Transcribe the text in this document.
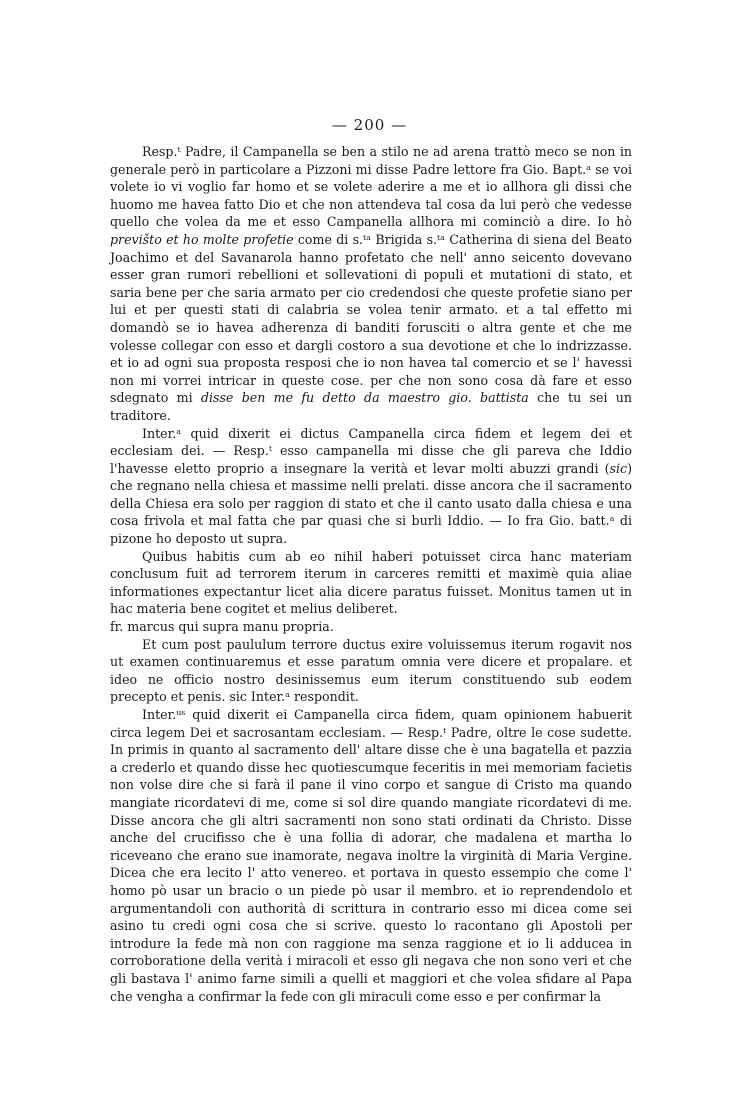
— 200 —

Resp.ᵗ Padre, il Campanella se ben a stilo ne ad arena trattò meco se non in generale però in particolare a Pizzoni mi disse Padre lettore fra Gio. Bapt.ᵃ se voi volete io vi voglio far homo et se volete aderire a me et io allhora gli dissi che huomo me havea fatto Dio et che non attendeva tal cosa da lui però che vedesse quello che volea da me et esso Campanella allhora mi cominciò a dire. Io hò previšto et ho molte profetie come di s.ᵗᵃ Brigida s.ᵗᵃ Catherina di siena del Beato Joachimo et del Savanarola hanno profetato che nell' anno seicento dovevano esser gran rumori rebellioni et sollevationi di populi et mutationi di stato, et saria bene per che saria armato per cio credendosi che queste profetie siano per lui et per questi stati di calabria se volea tenir armato. et a tal effetto mi domandò se io havea adherenza di banditi forusciti o altra gente et che me volesse collegar con esso et dargli costoro a sua devotione et che lo indrizzasse. et io ad ogni sua proposta resposi che io non havea tal comercio et se l' havessi non mi vorrei intricar in queste cose. per che non sono cosa dà fare et esso sdegnato mi disse ben me fu detto da maestro gio. battista che tu sei un traditore.

Inter.ᵃ quid dixerit ei dictus Campanella circa fidem et legem dei et ecclesiam dei. — Resp.ᵗ esso campanella mi disse che gli pareva che Iddio l'havesse eletto proprio a insegnare la verità et levar molti abuzzi grandi (sic) che regnano nella chiesa et massime nelli prelati. disse ancora che il sacramento della Chiesa era solo per raggion di stato et che il canto usato dalla chiesa e una cosa frivola et mal fatta che par quasi che si burli Iddio. — Io fra Gio. batt.ᵃ di pizone ho deposto ut supra.

Quibus habitis cum ab eo nihil haberi potuisset circa hanc materiam conclusum fuit ad terrorem iterum in carceres remitti et maximè quia aliae informationes expectantur licet alia dicere paratus fuisset. Monitus tamen ut in hac materia bene cogitet et melius deliberet.

fr. marcus qui supra manu propria.

Et cum post paululum terrore ductus exire voluissemus iterum rogavit nos ut examen continuaremus et esse paratum omnia vere dicere et propalare. et ideo ne officio nostro desinissemus eum iterum constituendo sub eodem precepto et penis. sic Inter.ᵃ respondit.

Inter.ᵘˢ quid dixerit ei Campanella circa fidem, quam opinionem habuerit circa legem Dei et sacrosantam ecclesiam. — Resp.ᵗ Padre, oltre le cose sudette. In primis in quanto al sacramento dell' altare disse che è una bagatella et pazzia a crederlo et quando disse hec quotiescumque feceritis in mei memoriam facietis non volse dire che si farà il pane il vino corpo et sangue di Cristo ma quando mangiate ricordatevi di me, come si sol dire quando mangiate ricordatevi di me. Disse ancora che gli altri sacramenti non sono stati ordinati da Christo. Disse anche del crucifisso che è una follia di adorar, che madalena et martha lo riceveano che erano sue inamorate, negava inoltre la virginità di Maria Vergine. Dicea che era lecito l' atto venereo. et portava in questo essempio che come l' homo pò usar un bracio o un piede pò usar il membro. et io reprendendolo et argumentandoli con authorità di scrittura in contrario esso mi dicea come sei asino tu credi ogni cosa che si scrive. questo lo racontano gli Apostoli per introdure la fede mà non con raggione ma senza raggione et io li adducea in corroboratione della verità i miracoli et esso gli negava che non sono veri et che gli bastava l' animo farne simili a quelli et maggiori et che volea sfidare al Papa che vengha a confirmar la fede con gli miraculi come esso e per confirmar la
